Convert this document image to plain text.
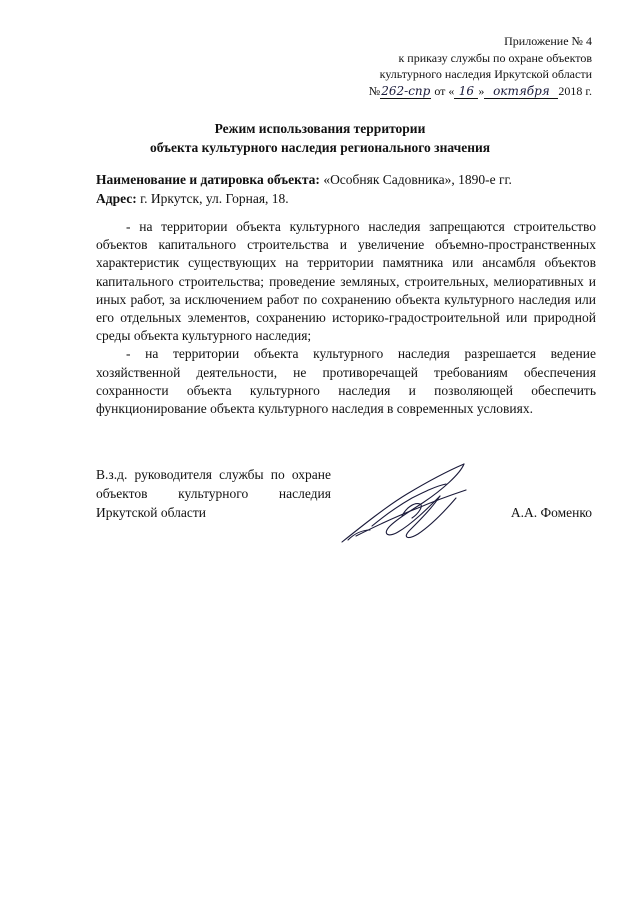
Приложение № 4
к приказу службы по охране объектов
культурного наследия Иркутской области
№262-спр от « 16 » октября 2018 г.
Режим использования территории
объекта культурного наследия регионального значения
Наименование и датировка объекта: «Особняк Садовника», 1890-е гг.
Адрес: г. Иркутск, ул. Горная, 18.

- на территории объекта культурного наследия запрещаются строительство объектов капитального строительства и увеличение объемно-пространственных характеристик существующих на территории памятника или ансамбля объектов капитального строительства; проведение земляных, строительных, мелиоративных и иных работ, за исключением работ по сохранению объекта культурного наследия или его отдельных элементов, сохранению историко-градостроительной или природной среды объекта культурного наследия;

- на территории объекта культурного наследия разрешается ведение хозяйственной деятельности, не противоречащей требованиям обеспечения сохранности объекта культурного наследия и позволяющей обеспечить функционирование объекта культурного наследия в современных условиях.

В.з.д. руководителя службы по охране объектов культурного наследия Иркутской области	А.А. Фоменко
